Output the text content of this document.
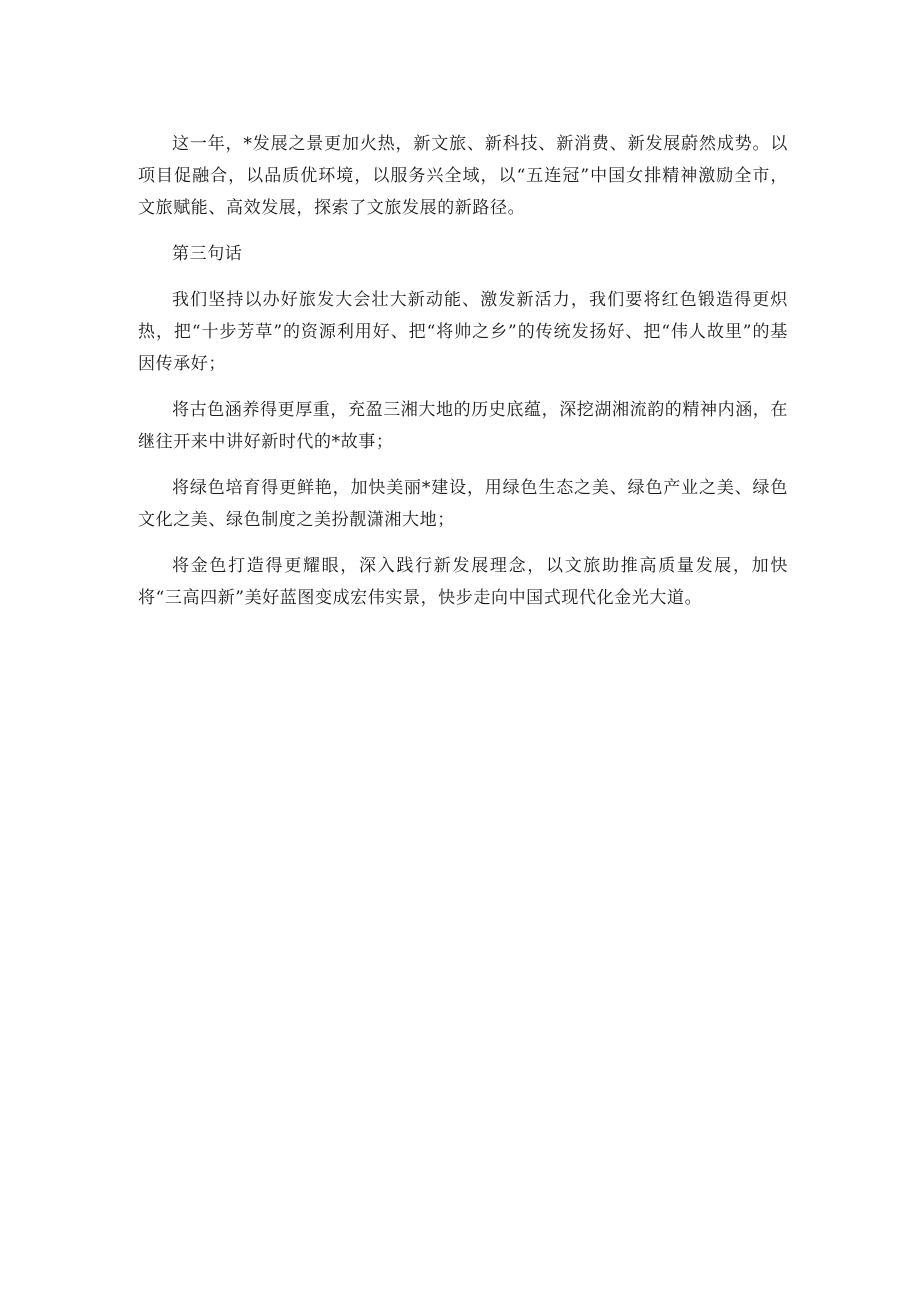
这一年，*发展之景更加火热，新文旅、新科技、新消费、新发展蔚然成势。以项目促融合，以品质优环境，以服务兴全域，以“五连冠”中国女排精神激励全市，文旅赋能、高效发展，探索了文旅发展的新路径。

第三句话

我们坚持以办好旅发大会壮大新动能、激发新活力，我们要将红色锻造得更炽热，把“十步芳草”的资源利用好、把“将帅之乡”的传统发扬好、把“伟人故里”的基因传承好；

将古色涵养得更厚重，充盈三湘大地的历史底蕴，深挖湖湘流韵的精神内涵，在继往开来中讲好新时代的*故事；

将绿色培育得更鲜艳，加快美丽*建设，用绿色生态之美、绿色产业之美、绿色文化之美、绿色制度之美扮靓潇湘大地；

将金色打造得更耀眼，深入践行新发展理念，以文旅助推高质量发展，加快将“三高四新”美好蓝图变成宏伟实景，快步走向中国式现代化金光大道。
